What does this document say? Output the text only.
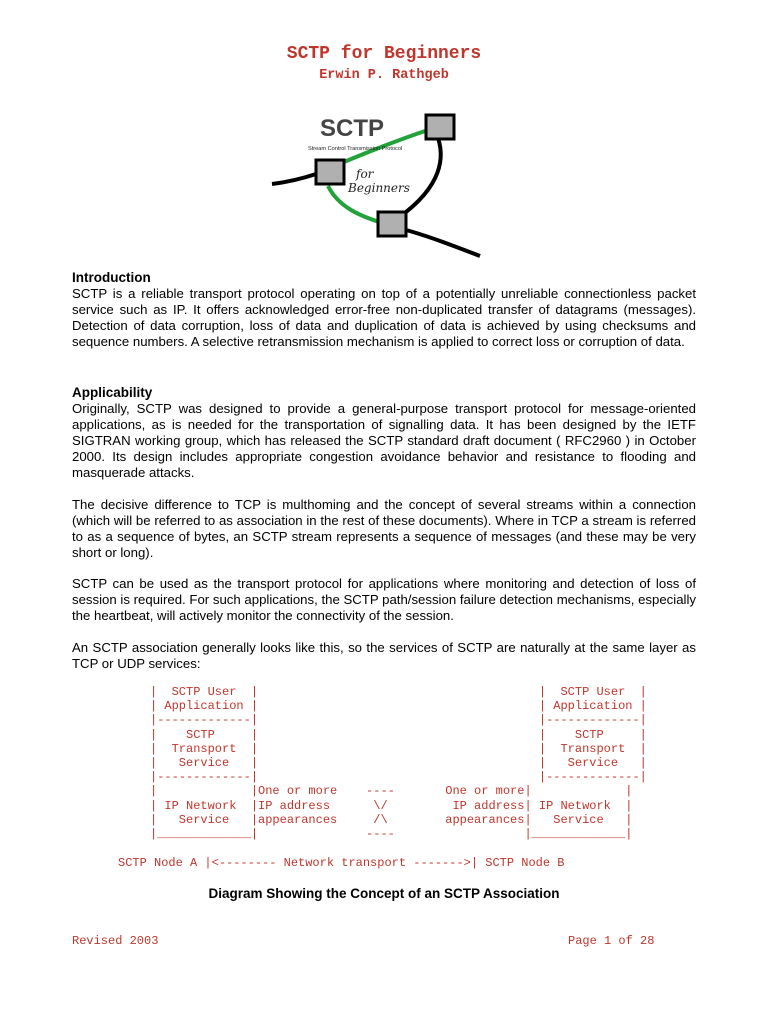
SCTP for Beginners
Erwin P. Rathgeb
SCTP
Stream Control Transmission Protocol
for
Beginners

Introduction

SCTP is a reliable transport protocol operating on top of a potentially unreliable connectionless packet service such as IP. It offers acknowledged error-free non-duplicated transfer of datagrams (messages). Detection of data corruption, loss of data and duplication of data is achieved by using checksums and sequence numbers. A selective retransmission mechanism is applied to correct loss or corruption of data.

Applicability

Originally, SCTP was designed to provide a general-purpose transport protocol for message-oriented applications, as is needed for the transportation of signalling data. It has been designed by the IETF SIGTRAN working group, which has released the SCTP standard draft document ( RFC2960 ) in October 2000. Its design includes appropriate congestion avoidance behavior and resistance to flooding and masquerade attacks.

The decisive difference to TCP is multhoming and the concept of several streams within a connection (which will be referred to as association in the rest of these documents). Where in TCP a stream is referred to as a sequence of bytes, an SCTP stream represents a sequence of messages (and these may be very short or long).

SCTP can be used as the transport protocol for applications where monitoring and detection of loss of session is required. For such applications, the SCTP path/session failure detection mechanisms, especially the heartbeat, will actively monitor the connectivity of the session.

An SCTP association generally looks like this, so the services of SCTP are naturally at the same layer as TCP or UDP services:

|  SCTP User  |                                       |  SCTP User  |
| Application |                                       | Application |
|-------------|                                       |-------------|
|    SCTP     |                                       |    SCTP     |
|  Transport  |                                       |  Transport  |
|   Service   |                                       |   Service   |
|-------------|                                       |-------------|
|             |One or more    ----       One or more|             |
| IP Network  |IP address      \/         IP address| IP Network  |
|   Service   |appearances     /\        appearances|   Service   |
|_____________|               ----                  |_____________|
SCTP Node A |<-------- Network transport ------->| SCTP Node B
Diagram Showing the Concept of an SCTP Association
Revised 2003	Page 1 of 28
